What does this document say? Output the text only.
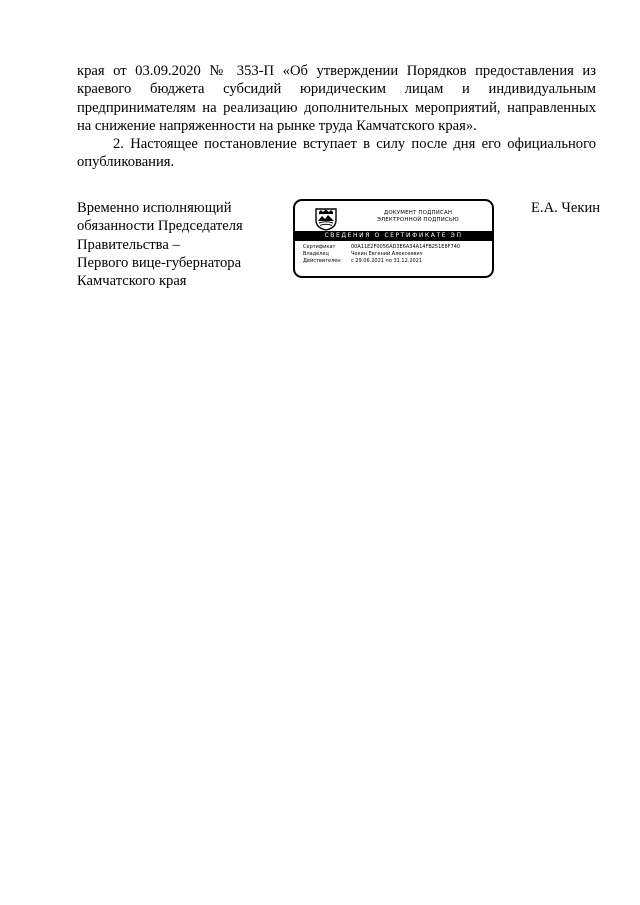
края от 03.09.2020 № 353-П «Об утверждении Порядков предоставления из краевого бюджета субсидий юридическим лицам и индивидуальным предпринимателям на реализацию дополнительных мероприятий, направленных на снижение напряженности на рынке труда Камчатского края».

2. Настоящее постановление вступает в силу после дня его официального опубликования.

Временно исполняющий
обязанности Председателя
Правительства –
Первого вице-губернатора
Камчатского края
ДОКУМЕНТ ПОДПИСАН
ЭЛЕКТРОННОЙ ПОДПИСЬЮ
СВЕДЕНИЯ О СЕРТИФИКАТЕ ЭП
Сертификат	00A11E2F0056AD3E6A34A14FB251E8F740
Владелец	Чекин Евгений Алексеевич
Действителен с 29.06.2021 по 31.12.2021
Е.А. Чекин
